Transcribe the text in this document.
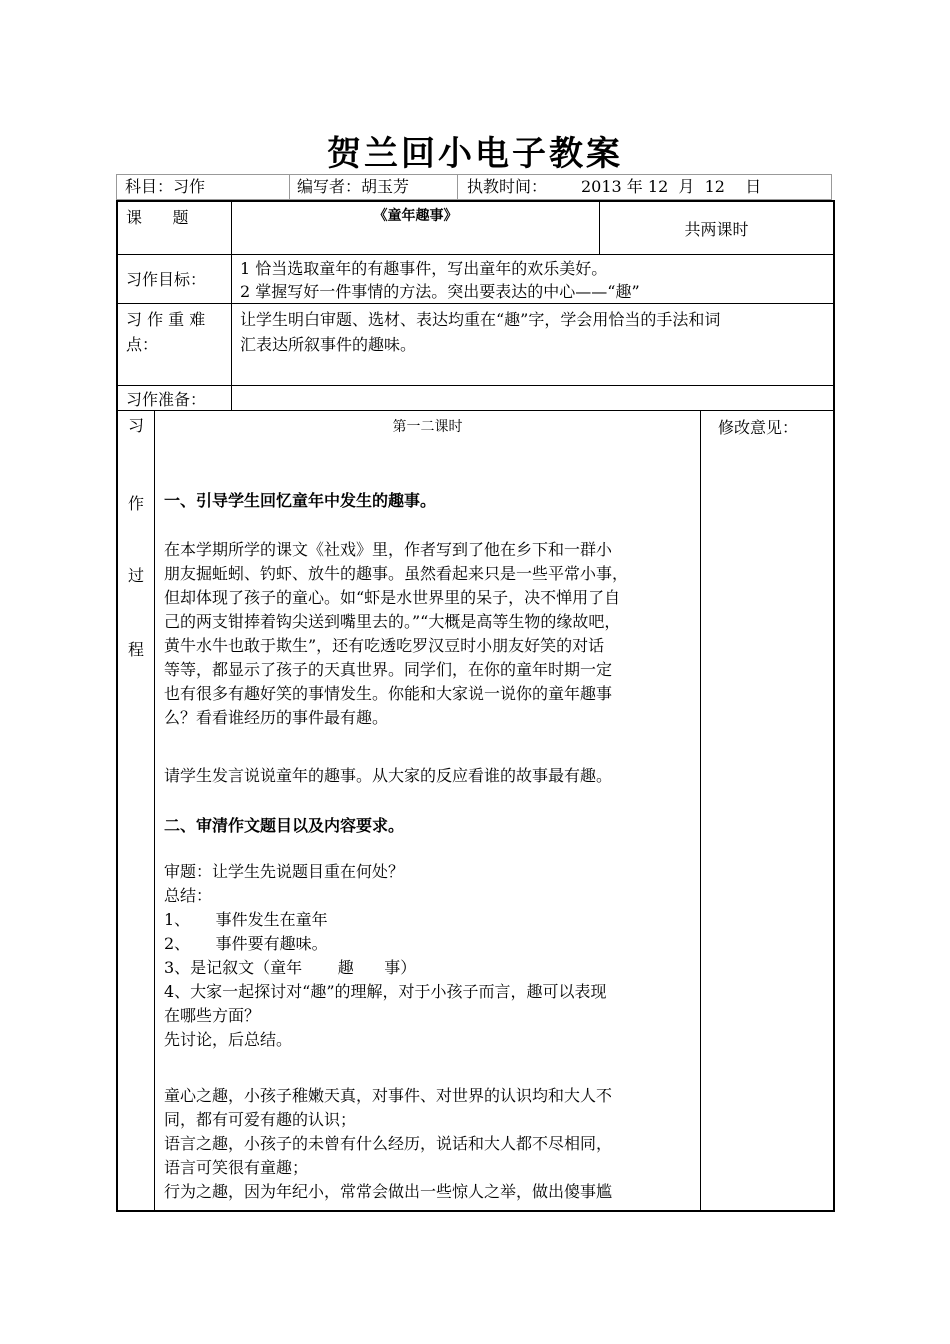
贺兰回小电子教案
科目：习作	编写者：胡玉芳	执教时间： 2013 年 12  月  12    日
课      题	《童年趣事》
共两课时
习作目标：
1 恰当选取童年的有趣事件，写出童年的欢乐美好。
2 掌握写好一件事情的方法。突出要表达的中心——“趣”
习 作 重 难
点：
让学生明白审题、选材、表达均重在“趣”字，学会用恰当的手法和词
汇表达所叙事件的趣味。
习作准备：
习
作
过
程
第一二课时	修改意见：
一、引导学生回忆童年中发生的趣事。
在本学期所学的课文《社戏》里，作者写到了他在乡下和一群小
朋友掘蚯蚓、钓虾、放牛的趣事。虽然看起来只是一些平常小事，
但却体现了孩子的童心。如“虾是水世界里的呆子，决不惮用了自
己的两支钳捧着钩尖送到嘴里去的。”“大概是高等生物的缘故吧，
黄牛水牛也敢于欺生”，还有吃透吃罗汉豆时小朋友好笑的对话
等等，都显示了孩子的天真世界。同学们，在你的童年时期一定
也有很多有趣好笑的事情发生。你能和大家说一说你的童年趣事
么？看看谁经历的事件最有趣。
请学生发言说说童年的趣事。从大家的反应看谁的故事最有趣。
二、审清作文题目以及内容要求。
审题：让学生先说题目重在何处？
总结：
1、     事件发生在童年
2、     事件要有趣味。
3、是记叙文（童年       趣      事）
4、大家一起探讨对“趣”的理解，对于小孩子而言，趣可以表现
在哪些方面？
先讨论，后总结。
童心之趣，小孩子稚嫩天真，对事件、对世界的认识均和大人不
同，都有可爱有趣的认识；
语言之趣，小孩子的未曾有什么经历，说话和大人都不尽相同，
语言可笑很有童趣；
行为之趣，因为年纪小，常常会做出一些惊人之举，做出傻事尴
